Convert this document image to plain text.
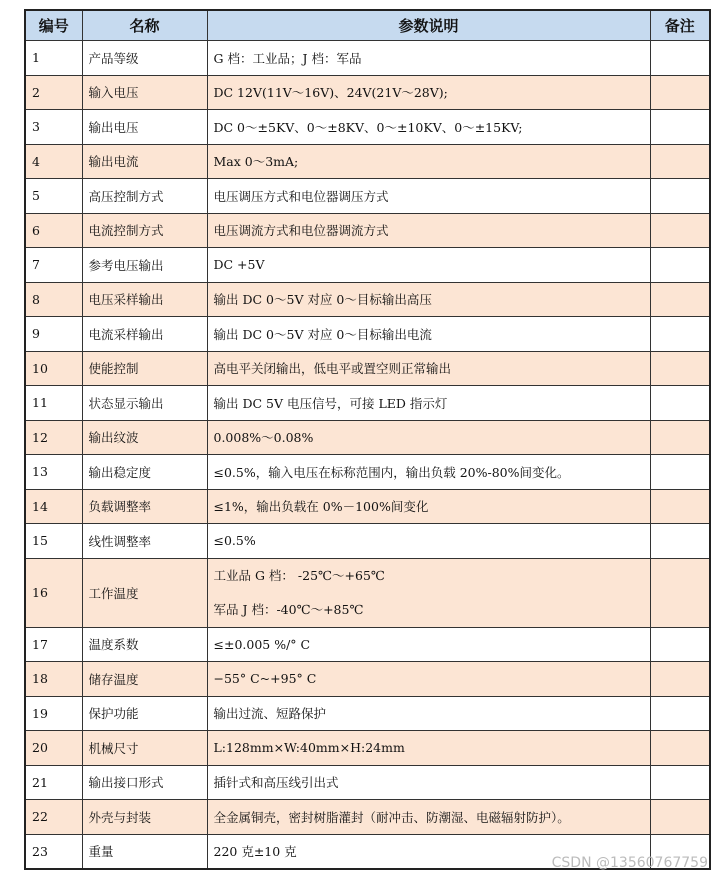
编号	名称	参数说明	备注
1	产品等级	G 档：工业品；J 档：军品	

2	输入电压	DC 12V(11V～16V)、24V(21V～28V);	

3	输出电压	DC 0～±5KV、0～±8KV、0～±10KV、0～±15KV;	

4	输出电流	Max 0～3mA;	

5	高压控制方式	电压调压方式和电位器调压方式	

6	电流控制方式	电压调流方式和电位器调流方式	

7	参考电压输出	DC +5V	

8	电压采样输出	输出 DC 0～5V 对应 0～目标输出高压	

9	电流采样输出	输出 DC 0～5V 对应 0～目标输出电流	

10	使能控制	高电平关闭输出，低电平或置空则正常输出	

11	状态显示输出	输出 DC 5V 电压信号，可接 LED 指示灯	

12	输出纹波	0.008%～0.08%	

13	输出稳定度	≤0.5%，输入电压在标称范围内，输出负载 20%-80%间变化。	

14	负载调整率	≤1%，输出负载在 0%－100%间变化	

15	线性调整率	≤0.5%	

16	工作温度	工业品 G 档： -25℃～+65℃
军品 J 档：-40℃～+85℃	

17	温度系数	≤±0.005 %/° C	

18	储存温度	−55° C~+95° C	

19	保护功能	输出过流、短路保护	

20	机械尺寸	L:128mm×W:40mm×H:24mm	

21	输出接口形式	插针式和高压线引出式	

22	外壳与封装	全金属铜壳，密封树脂灌封（耐冲击、防潮湿、电磁辐射防护）。	

23	重量	220 克±10 克	

CSDN @13560767759
